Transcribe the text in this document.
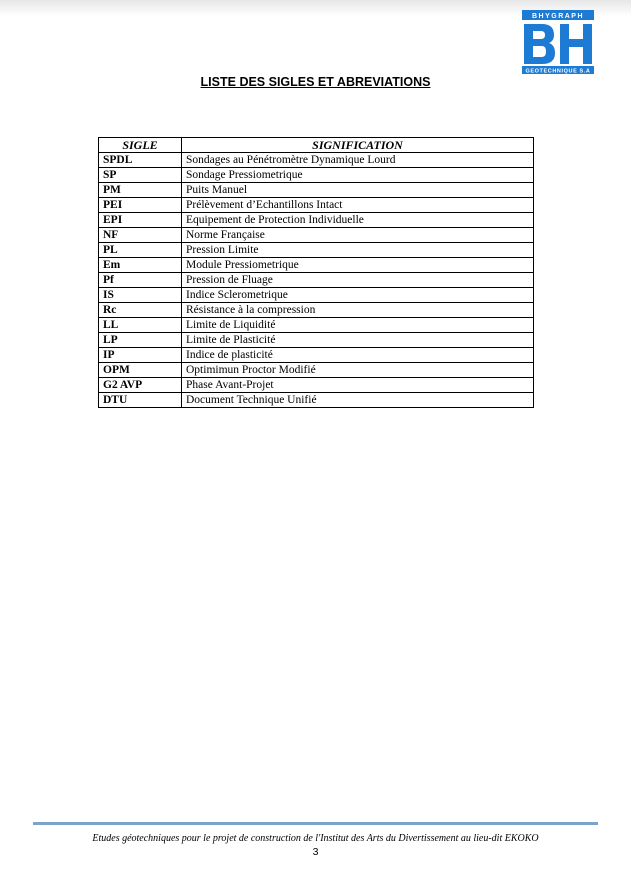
BHYGRAPH
GEOTECHNIQUE S.A
LISTE DES SIGLES ET ABREVIATIONS
SIGLE	SIGNIFICATION
SPDL	Sondages au Pénétromètre Dynamique Lourd
SP	Sondage Pressiometrique
PM	Puits Manuel
PEI	Prélèvement d’Echantillons Intact
EPI	Equipement de Protection Individuelle
NF	Norme Française
PL	Pression Limite
Em	Module Pressiometrique
Pf	Pression de Fluage
IS	Indice Sclerometrique
Rc	Résistance à la compression
LL	Limite de Liquidité
LP	Limite de Plasticité
IP	Indice de plasticité
OPM	Optimimun Proctor Modifié
G2 AVP	Phase Avant-Projet
DTU	Document Technique Unifié
Etudes géotechniques pour le projet de construction de l'Institut des Arts du Divertissement au lieu-dit EKOKO
3
